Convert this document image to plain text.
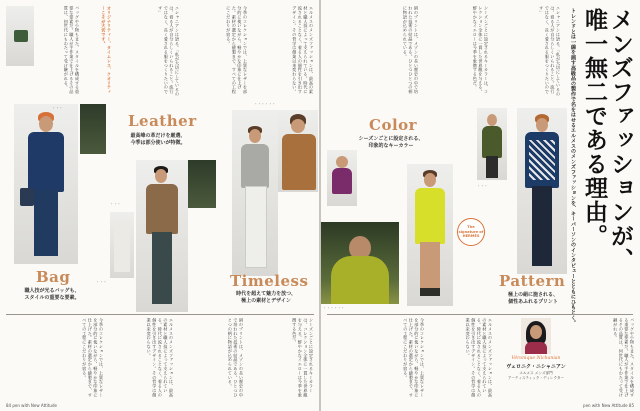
エルメスのメンズファッションは、最高の素材と職人技によって支えられている。時代に流されることなく、着る人の個性を引き出すデザイン。その哲学は創業以来変わらない。
今季のコレクションでは、上質なレザーを部分的に使いながら、軽やかな印象に仕上げた。素材の選定から縫製まで、すべての工程にこだわりが宿る。
ニシャニアンは語る。「私が大切にしているのは、着る人が自分らしくいられること。流行ではなく、長く愛される服をつくりたいのです」
オリジナリティー、タイムレス、クオリティーこそが大切です。
バッグや小物もまた、スタイルを構成する重要な要素だ。職人が手作業で仕上げるその品質は、何世代にもわたって受け継がれる。
・・・
Leather
最高峰の革だけを厳選、
今季は部分使いが特徴。
・・・・・・
・・・
・・・
Bag
職人技が光るバッグも、
スタイルの重要な要素。
Timeless
時代を超えて魅力を放つ、
極上の素材とデザイン
シーズンごとに設定されるキーカラーは、コレクション全体に一貫した世界観を与える。鮮やかなイエローは今季を象徴する色だ。
絹のプリントは、メゾンの長い歴史の中で培われた技術の結晶である。ひとつひとつの柄に物語が込められている。
エルメスのメンズファッションは、最高の素材と職人技によって支えられている。時代に流されることなく、着る人の個性を引き出すデザイン。その哲学は創業以来変わらない。
今季のコレクションでは、上質なレザーを部分的に使いながら、軽やかな印象に仕上げた。素材の選定から縫製まで、すべての工程にこだわりが宿る。
84 pen with New Attitude
メンズファッションが、
唯一無二である理由。
トレンドとは一線を画す高級品の製作で名をはせるエルメスのメンズファッションを、キーパーソンのインタビューとともにひもとく。
ニシャニアンは語る。「私が大切にしているのは、着る人が自分らしくいられること。流行ではなく、長く愛される服をつくりたいのです」
シーズンごとに設定されるキーカラーは、コレクション全体に一貫した世界観を与える。鮮やかなイエローは今季を象徴する色だ。
絹のプリントは、メゾンの長い歴史の中で培われた技術の結晶である。ひとつひとつの柄に物語が込められている。
Color
シーズンごとに設定される、
印象的なキーカラー
The signature of HERMÈS
Pattern
極上の絹に施される、
個性あふれるプリント
・・・
・・・・・・
Véronique Nichanian
ヴェロニク・ニシャニアン
エルメス メンズ部門
アーティスティック・ディレクター	バッグや小物もまた、スタイルを構成する重要な要素だ。職人が手作業で仕上げるその品質は、何世代にもわたって受け継がれる。
エルメスのメンズファッションは、最高の素材と職人技によって支えられている。時代に流されることなく、着る人の個性を引き出すデザイン。その哲学は創業以来変わらない。
今季のコレクションでは、上質なレザーを部分的に使いながら、軽やかな印象に仕上げた。素材の選定から縫製まで、すべての工程にこだわりが宿る。
pen with New Attitude 85
